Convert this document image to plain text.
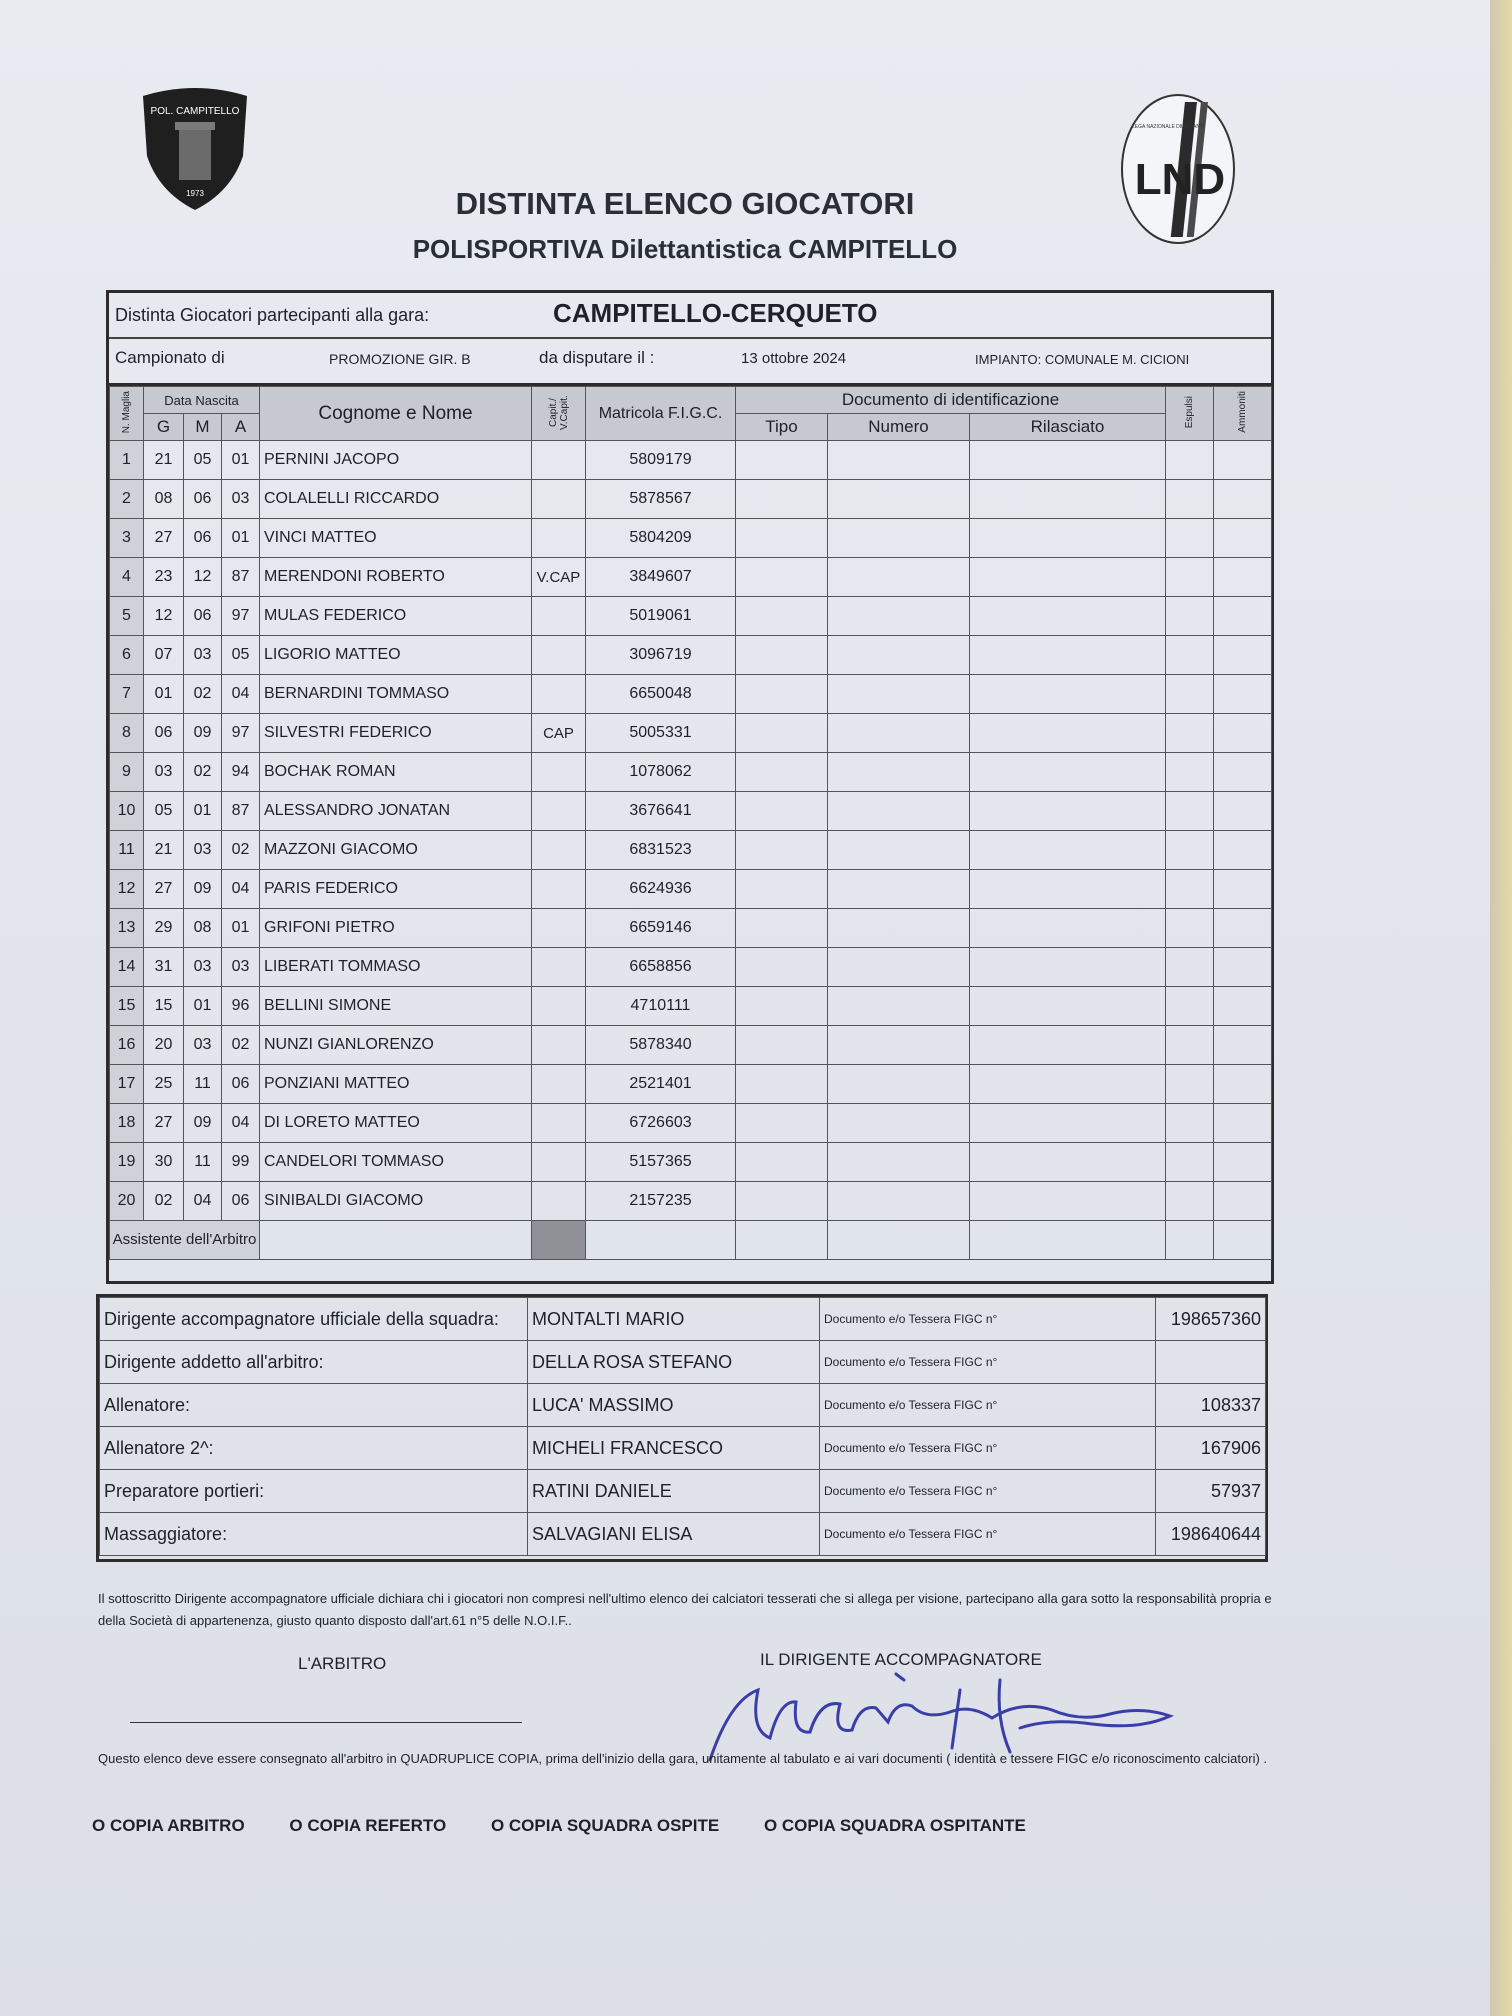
POL. CAMPITELLO
1973	LND
LEGA NAZIONALE DILETTANTI
DISTINTA ELENCO GIOCATORI
POLISPORTIVA Dilettantistica CAMPITELLO
Distinta Giocatori partecipanti alla gara:	CAMPITELLO-CERQUETO
Campionato di	PROMOZIONE GIR. B	da disputare il :	13 ottobre 2024	IMPIANTO: COMUNALE M. CICIONI
N. Maglia	Data Nascita			Cognome e Nome	Capit./ V.Capit.	Matricola F.I.G.C.	Documento di identificazione			Espulsi	Ammoniti
	G	M	A				Tipo	Numero	Rilasciato		
1	21	05	01	PERNINI JACOPO		5809179					
2	08	06	03	COLALELLI RICCARDO		5878567					
3	27	06	01	VINCI MATTEO		5804209					
4	23	12	87	MERENDONI ROBERTO	V.CAP	3849607					
5	12	06	97	MULAS FEDERICO		5019061					
6	07	03	05	LIGORIO MATTEO		3096719					
7	01	02	04	BERNARDINI TOMMASO		6650048					
8	06	09	97	SILVESTRI FEDERICO	CAP	5005331					
9	03	02	94	BOCHAK ROMAN		1078062					
10	05	01	87	ALESSANDRO JONATAN		3676641					
11	21	03	02	MAZZONI GIACOMO		6831523					
12	27	09	04	PARIS FEDERICO		6624936					
13	29	08	01	GRIFONI PIETRO		6659146					
14	31	03	03	LIBERATI TOMMASO		6658856					
15	15	01	96	BELLINI SIMONE		4710111					
16	20	03	02	NUNZI GIANLORENZO		5878340					
17	25	11	06	PONZIANI MATTEO		2521401					
18	27	09	04	DI LORETO MATTEO		6726603					
19	30	11	99	CANDELORI TOMMASO		5157365					
20	02	04	06	SINIBALDI GIACOMO		2157235					
Assistente dell'Arbitro											
Dirigente accompagnatore ufficiale della squadra:	MONTALTI MARIO	Documento e/o Tessera FIGC n°	198657360
Dirigente addetto all'arbitro:	DELLA ROSA STEFANO	Documento e/o Tessera FIGC n°	
Allenatore:	LUCA' MASSIMO	Documento e/o Tessera FIGC n°	108337
Allenatore 2^:	MICHELI FRANCESCO	Documento e/o Tessera FIGC n°	167906
Preparatore portieri:	RATINI DANIELE	Documento e/o Tessera FIGC n°	57937
Massaggiatore:	SALVAGIANI ELISA	Documento e/o Tessera FIGC n°	198640644
Il sottoscritto Dirigente accompagnatore ufficiale dichiara chi i giocatori non compresi nell'ultimo elenco dei calciatori tesserati che si allega per visione, partecipano alla gara sotto la responsabilità propria e della Società di appartenenza, giusto quanto disposto dall'art.61 n°5 delle N.O.I.F..
L'ARBITRO	IL DIRIGENTE ACCOMPAGNATORE
Questo elenco deve essere consegnato all'arbitro in QUADRUPLICE COPIA, prima dell'inizio della gara, unitamente al tabulato e ai vari documenti ( identità e tessere FIGC e/o riconoscimento calciatori) .
O COPIA ARBITRO	O COPIA REFERTO	O COPIA SQUADRA OSPITE	O COPIA SQUADRA OSPITANTE
